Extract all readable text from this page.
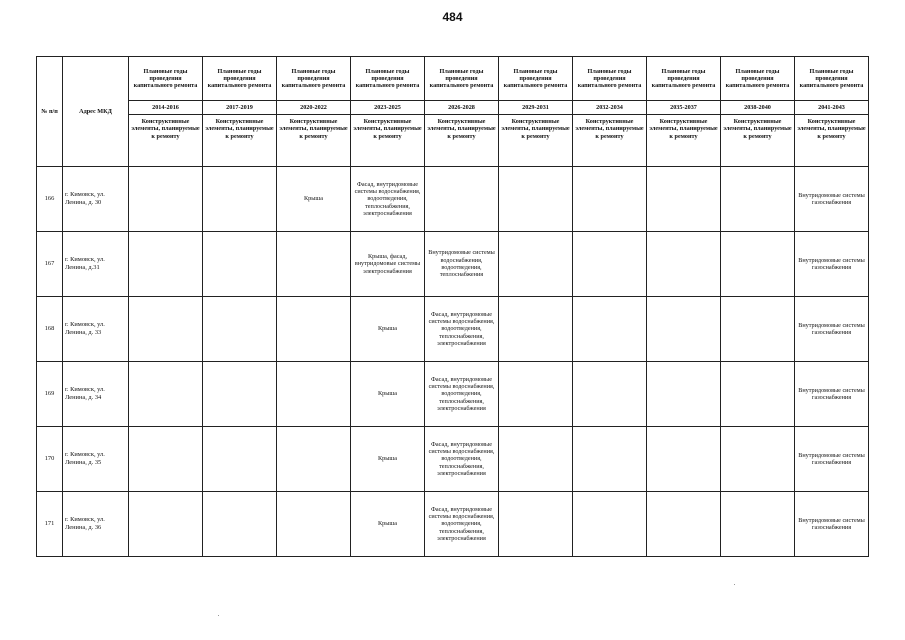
484
№ п/п	Адрес МКД	Плановые годы проведения капитального ремонта	Плановые годы проведения капитального ремонта	Плановые годы проведения капитального ремонта	Плановые годы проведения капитального ремонта	Плановые годы проведения капитального ремонта	Плановые годы проведения капитального ремонта	Плановые годы проведения капитального ремонта	Плановые годы проведения капитального ремонта	Плановые годы проведения капитального ремонта	Плановые годы проведения капитального ремонта
		2014-2016	2017-2019	2020-2022	2023-2025	2026-2028	2029-2031	2032-2034	2035-2037	2038-2040	2041-2043
		Конструктивные элементы, планируемые к ремонту	Конструктивные элементы, планируемые к ремонту	Конструктивные элементы, планируемые к ремонту	Конструктивные элементы, планируемые к ремонту	Конструктивные элементы, планируемые к ремонту	Конструктивные элементы, планируемые к ремонту	Конструктивные элементы, планируемые к ремонту	Конструктивные элементы, планируемые к ремонту	Конструктивные элементы, планируемые к ремонту	Конструктивные элементы, планируемые к ремонту
166	г. Кимовск, ул. Ленина, д. 30			Крыша	Фасад, внутридомовые системы водоснабжения, водоотведения, теплоснабжения, электроснабжения						Внутридомовые системы газоснабжения
167	г. Кимовск, ул. Ленина, д.31				Крыша, фасад, внутридомовые системы электроснабжения	Внутридомовые системы водоснабжения, водоотведения, теплоснабжения					Внутридомовые системы газоснабжения
168	г. Кимовск, ул. Ленина, д. 33				Крыша	Фасад, внутридомовые системы водоснабжения, водоотведения, теплоснабжения, электроснабжения					Внутридомовые системы газоснабжения
169	г. Кимовск, ул. Ленина, д. 34				Крыша	Фасад, внутридомовые системы водоснабжения, водоотведения, теплоснабжения, электроснабжения					Внутридомовые системы газоснабжения
170	г. Кимовск, ул. Ленина, д. 35				Крыша	Фасад, внутридомовые системы водоснабжения, водоотведения, теплоснабжения, электроснабжения					Внутридомовые системы газоснабжения
171	г. Кимовск, ул. Ленина, д. 36				Крыша	Фасад, внутридомовые системы водоснабжения, водоотведения, теплоснабжения, электроснабжения					Внутридомовые системы газоснабжения
